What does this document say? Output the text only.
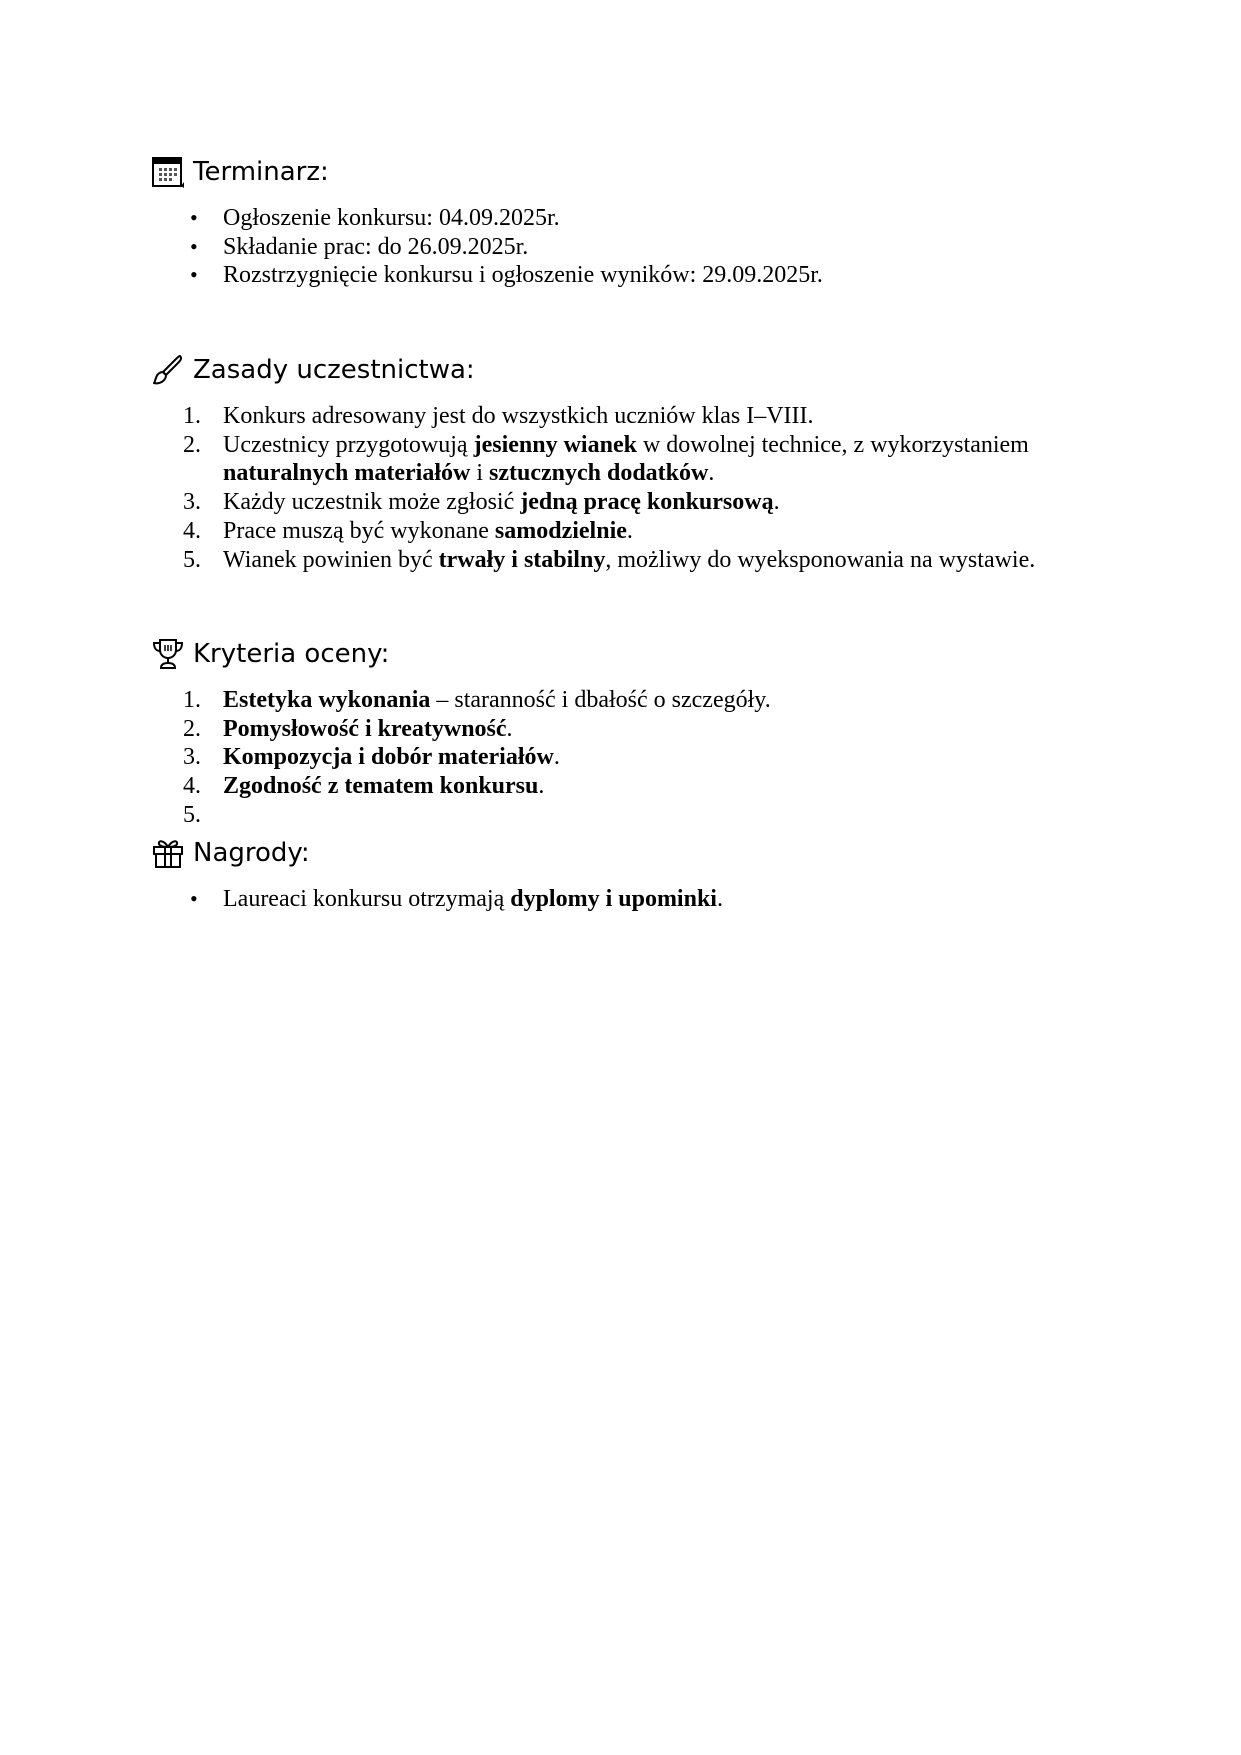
Terminarz:
•	Ogłoszenie konkursu: 04.09.2025r.
•	Składanie prac: do 26.09.2025r.
•	Rozstrzygnięcie konkursu i ogłoszenie wyników: 29.09.2025r.
Zasady uczestnictwa:
1. Konkurs adresowany jest do wszystkich uczniów klas I–VIII.
2. Uczestnicy przygotowują jesienny wianek w dowolnej technice, z wykorzystaniem naturalnych materiałów i sztucznych dodatków.
3. Każdy uczestnik może zgłosić jedną pracę konkursową.
4. Prace muszą być wykonane samodzielnie.
5. Wianek powinien być trwały i stabilny, możliwy do wyeksponowania na wystawie.
Kryteria oceny:
1. Estetyka wykonania – staranność i dbałość o szczegóły.
2. Pomysłowość i kreatywność.
3. Kompozycja i dobór materiałów.
4. Zgodność z tematem konkursu.
5.
Nagrody:
•	Laureaci konkursu otrzymają dyplomy i upominki.
